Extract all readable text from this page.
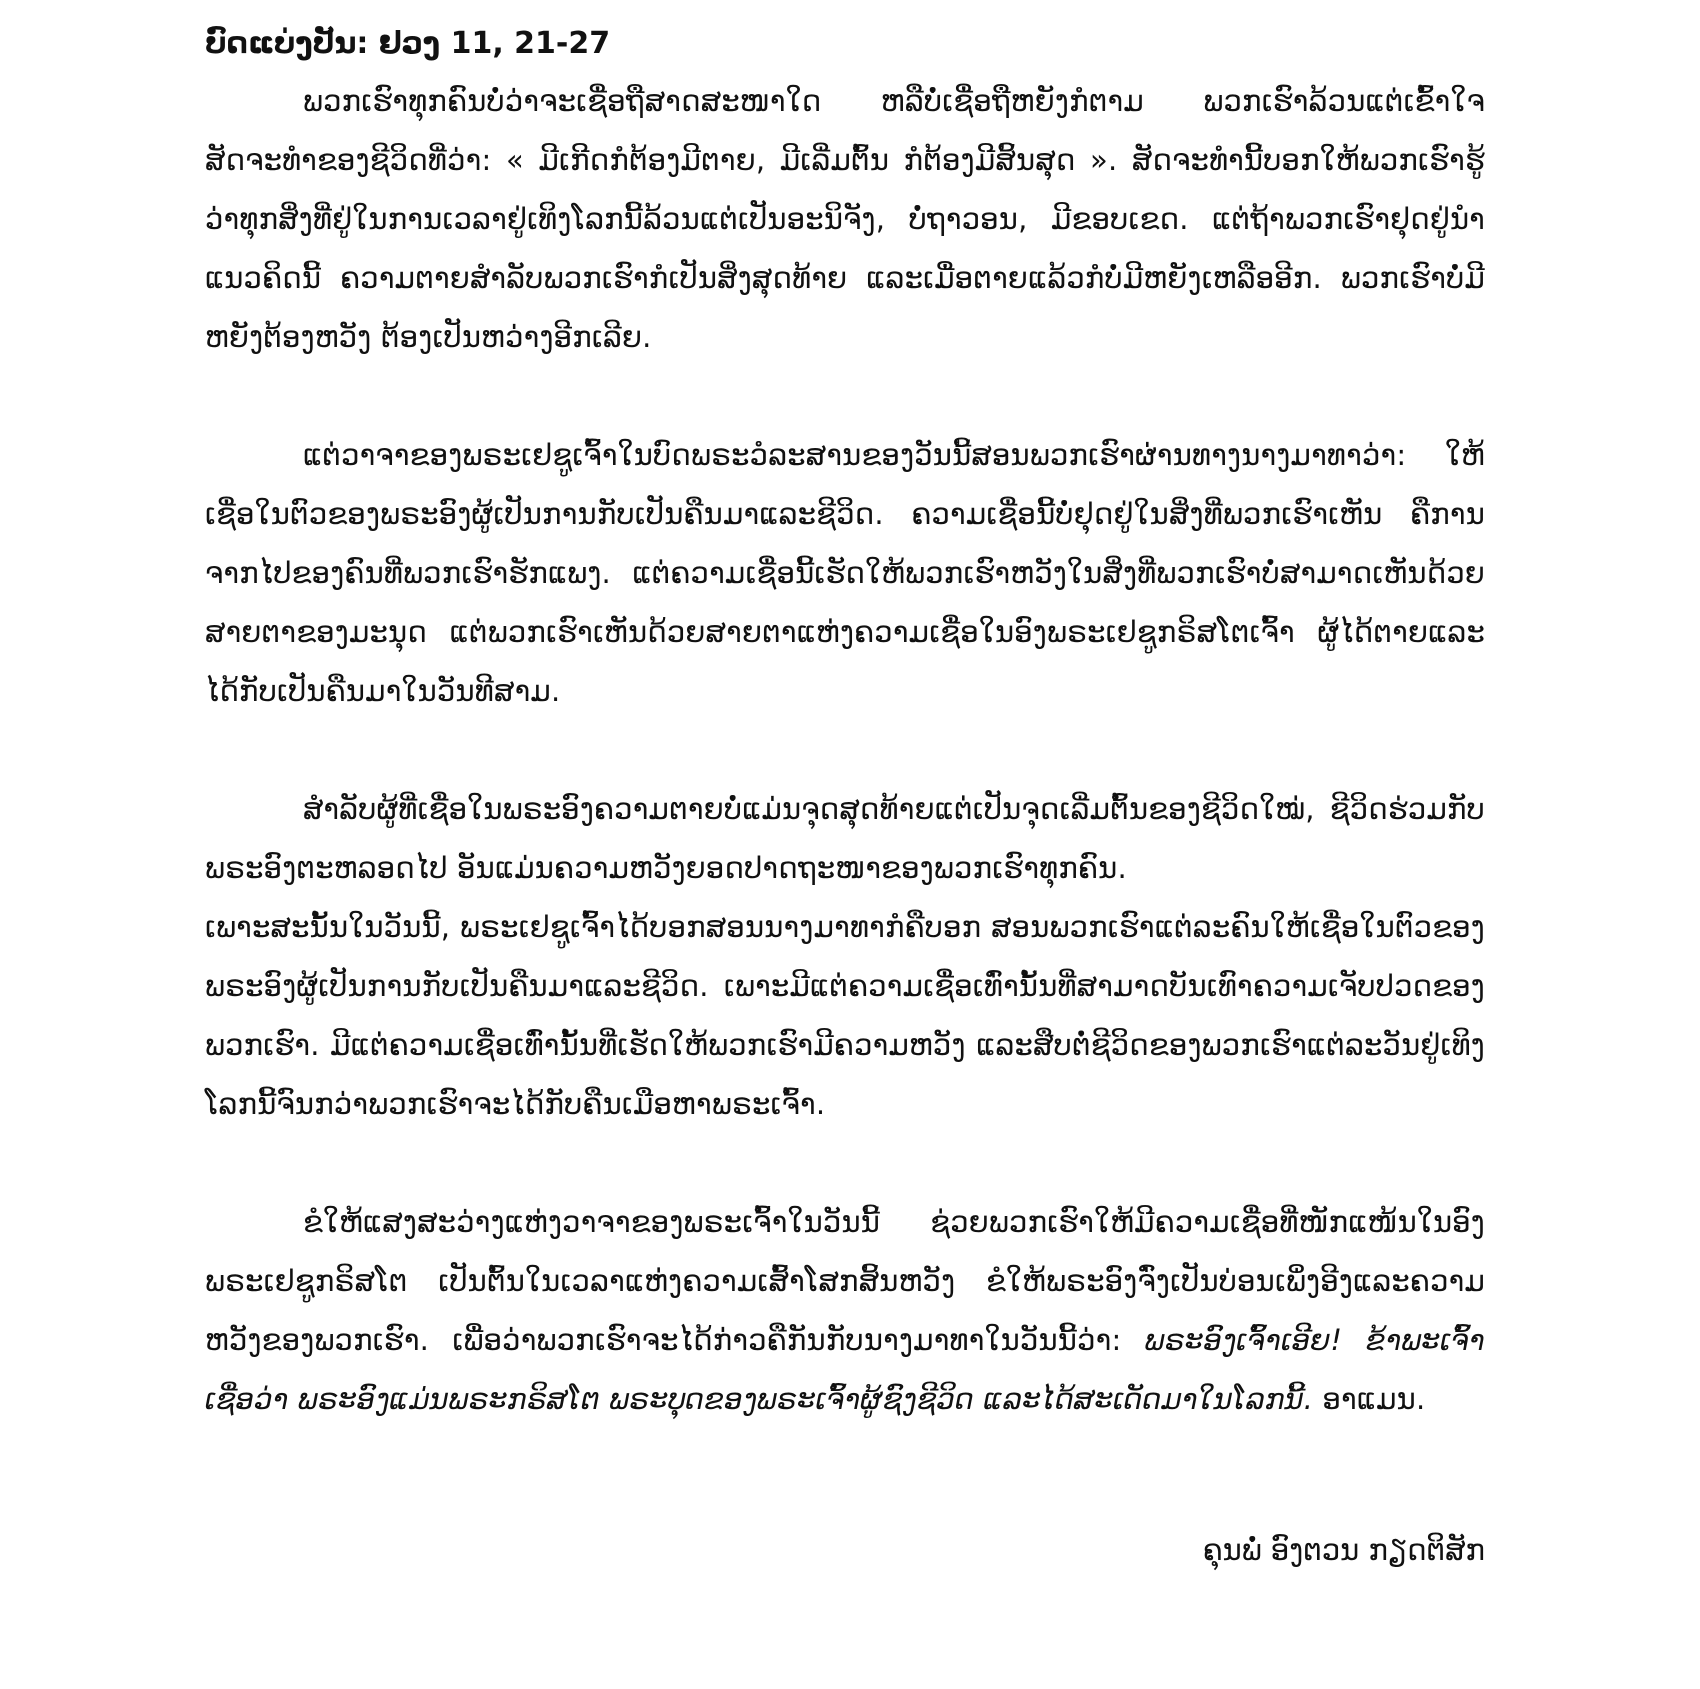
ບົດແບ່ງປັນ: ຢວງ 11, 21-27

ພວກເຮົາທຸກຄົນບໍ່ວ່າຈະເຊື່ອຖືສາດສະໜາໃດ ຫລືບໍ່ເຊື່ອຖືຫຍັງກໍຕາມ ພວກເຮົາລ້ວນແຕ່ເຂົ້າໃຈສັດຈະທຳຂອງຊີວິດທີ່ວ່າ: « ມີເກີດກໍຕ້ອງມີຕາຍ, ມີເລີ່ມຕົ້ນ ກໍຕ້ອງມີສິ້ນສຸດ ». ສັດຈະທຳນີ້ບອກໃຫ້ພວກເຮົາຮູ້ວ່າທຸກສິ່ງທີ່ຢູ່ໃນການເວລາຢູ່ເທິງໂລກນີ້ລ້ວນແຕ່ເປັນອະນິຈັງ, ບໍ່ຖາວອນ, ມີຂອບເຂດ. ແຕ່ຖ້າພວກເຮົາຢຸດຢູ່ນຳແນວຄິດນີ້ ຄວາມຕາຍສຳລັບພວກເຮົາກໍເປັນສິ່ງສຸດທ້າຍ ແລະເມື່ອຕາຍແລ້ວກໍບໍ່ມີຫຍັງເຫລືອອີກ. ພວກເຮົາບໍ່ມີຫຍັງຕ້ອງຫວັງ ຕ້ອງເປັນຫວ່າງອີກເລີຍ.

ແຕ່ວາຈາຂອງພຣະເຢຊູເຈົ້າໃນບົດພຣະວໍລະສານຂອງວັນນີ້ສອນພວກເຮົາຜ່ານທາງນາງມາທາວ່າ: ໃຫ້ເຊື່ອໃນຕົວຂອງພຣະອົງຜູ້ເປັນການກັບເປັນຄືນມາແລະຊີວິດ. ຄວາມເຊື່ອນີ້ບໍ່ຢຸດຢູ່ໃນສິ່ງທີ່ພວກເຮົາເຫັນ ຄືການຈາກໄປຂອງຄົນທີ່ພວກເຮົາຮັກແພງ. ແຕ່ຄວາມເຊື່ອນີ້ເຮັດໃຫ້ພວກເຮົາຫວັງໃນສິ່ງທີ່ພວກເຮົາບໍ່ສາມາດເຫັນດ້ວຍສາຍຕາຂອງມະນຸດ ແຕ່ພວກເຮົາເຫັນດ້ວຍສາຍຕາແຫ່ງຄວາມເຊື່ອໃນອົງພຣະເຢຊູກຣິສໂຕເຈົ້າ ຜູ້ໄດ້ຕາຍແລະໄດ້ກັບເປັນຄືນມາໃນວັນທີສາມ.

ສຳລັບຜູ້ທີ່ເຊື່ອໃນພຣະອົງຄວາມຕາຍບໍ່ແມ່ນຈຸດສຸດທ້າຍແຕ່ເປັນຈຸດເລີ່ມຕົ້ນຂອງຊີວິດໃໝ່, ຊີວິດຮ່ວມກັບພຣະອົງຕະຫລອດໄປ ອັນແມ່ນຄວາມຫວັງຍອດປາດຖະໜາຂອງພວກເຮົາທຸກຄົນ.

ເພາະສະນັ້ນໃນວັນນີ້, ພຣະເຢຊູເຈົ້າໄດ້ບອກສອນນາງມາທາກໍຄືບອກ ສອນພວກເຮົາແຕ່ລະຄົນໃຫ້ເຊື່ອໃນຕົວຂອງພຣະອົງຜູ້ເປັນການກັບເປັນຄືນມາແລະຊີວິດ. ເພາະມີແຕ່ຄວາມເຊື່ອເທົ່ານັ້ນທີ່ສາມາດບັນເທົາຄວາມເຈັບປວດຂອງພວກເຮົາ. ມີແຕ່ຄວາມເຊື່ອເທົ່ານັ້ນທີ່ເຮັດໃຫ້ພວກເຮົາມີຄວາມຫວັງ ແລະສືບຕໍ່ຊີວິດຂອງພວກເຮົາແຕ່ລະວັນຢູ່ເທິງໂລກນີ້ຈົນກວ່າພວກເຮົາຈະໄດ້ກັບຄືນເມືອຫາພຣະເຈົ້າ.

ຂໍໃຫ້ແສງສະວ່າງແຫ່ງວາຈາຂອງພຣະເຈົ້າໃນວັນນີ້ ຊ່ວຍພວກເຮົາໃຫ້ມີຄວາມເຊື່ອທີ່ໜັກແໜ້ນໃນອົງພຣະເຢຊູກຣິສໂຕ ເປັນຕົ້ນໃນເວລາແຫ່ງຄວາມເສົ້າໂສກສິ້ນຫວັງ ຂໍໃຫ້ພຣະອົງຈົ່ງເປັນບ່ອນເພິ່ງອີງແລະຄວາມຫວັງຂອງພວກເຮົາ. ເພື່ອວ່າພວກເຮົາຈະໄດ້ກ່າວຄືກັນກັບນາງມາທາໃນວັນນີ້ວ່າ: ພຣະອົງເຈົ້າເອີຍ! ຂ້າພະເຈົ້າເຊື່ອວ່າ ພຣະອົງແມ່ນພຣະກຣິສໂຕ ພຣະບຸດຂອງພຣະເຈົ້າຜູ້ຊົງຊີວິດ ແລະໄດ້ສະເດັດມາໃນໂລກນີ້. ອາແມນ.

ຄຸນພໍ່ ອົງຕວນ ກຽດຕິສັກ
